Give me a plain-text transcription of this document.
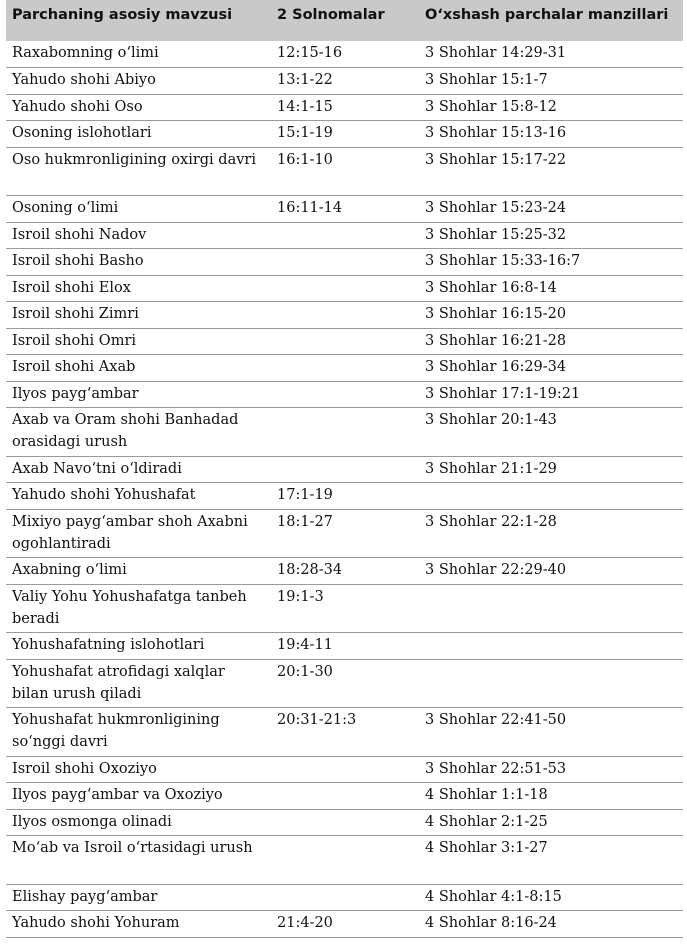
Parchaning asosiy mavzusi	2 Solnomalar	O‘xshash parchalar manzillari
Raxabomning o‘limi	12:15-16	3 Shohlar 14:29-31
Yahudo shohi Abiyo	13:1-22	3 Shohlar 15:1-7
Yahudo shohi Oso	14:1-15	3 Shohlar 15:8-12
Osoning islohotlari	15:1-19	3 Shohlar 15:13-16
Oso hukmronligining oxirgi davri	16:1-10	3 Shohlar 15:17-22
Osoning o‘limi	16:11-14	3 Shohlar 15:23-24
Isroil shohi Nadov		3 Shohlar 15:25-32
Isroil shohi Basho		3 Shohlar 15:33-16:7
Isroil shohi Elox		3 Shohlar 16:8-14
Isroil shohi Zimri		3 Shohlar 16:15-20
Isroil shohi Omri		3 Shohlar 16:21-28
Isroil shohi Axab		3 Shohlar 16:29-34
Ilyos payg‘ambar		3 Shohlar 17:1-19:21
Axab va Oram shohi Banhadad orasidagi urush		3 Shohlar 20:1-43
Axab Navo‘tni o‘ldiradi		3 Shohlar 21:1-29
Yahudo shohi Yohushafat	17:1-19	
Mixiyo payg‘ambar shoh Axabni ogohlantiradi	18:1-27	3 Shohlar 22:1-28
Axabning o‘limi	18:28-34	3 Shohlar 22:29-40
Valiy Yohu Yohushafatga tanbeh beradi	19:1-3	
Yohushafatning islohotlari	19:4-11	
Yohushafat atrofidagi xalqlar bilan urush qiladi	20:1-30	
Yohushafat hukmronligining so‘nggi davri	20:31-21:3	3 Shohlar 22:41-50
Isroil shohi Oxoziyo		3 Shohlar 22:51-53
Ilyos payg‘ambar va Oxoziyo		4 Shohlar 1:1-18
Ilyos osmonga olinadi		4 Shohlar 2:1-25
Mo‘ab va Isroil o‘rtasidagi urush		4 Shohlar 3:1-27
Elishay payg‘ambar		4 Shohlar 4:1-8:15
Yahudo shohi Yohuram	21:4-20	4 Shohlar 8:16-24
